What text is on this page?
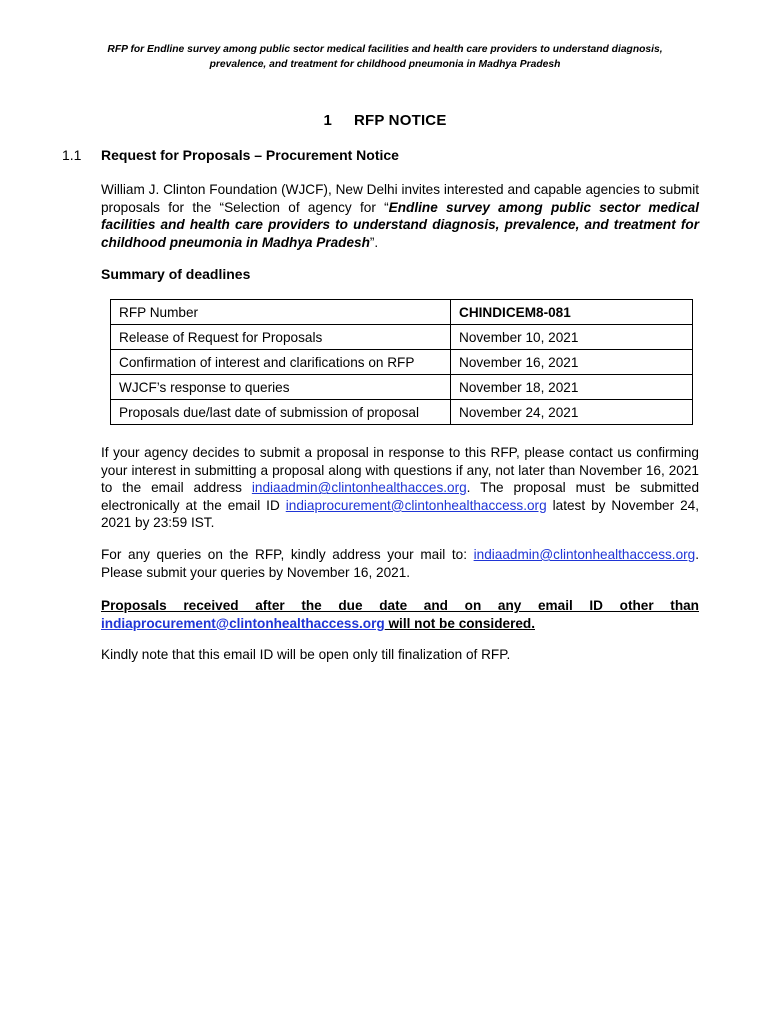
RFP for Endline survey among public sector medical facilities and health care providers to understand diagnosis,
prevalence, and treatment for childhood pneumonia in Madhya Pradesh
1 RFP NOTICE
1.1 Request for Proposals – Procurement Notice
William J. Clinton Foundation (WJCF), New Delhi invites interested and capable agencies to submit proposals for the “Selection of agency for “Endline survey among public sector medical facilities and health care providers to understand diagnosis, prevalence, and treatment for childhood pneumonia in Madhya Pradesh”.
Summary of deadlines
RFP Number	CHINDICEM8-081
Release of Request for Proposals	November 10, 2021
Confirmation of interest and clarifications on RFP	November 16, 2021
WJCF’s response to queries	November 18, 2021
Proposals due/last date of submission of proposal	November 24, 2021
If your agency decides to submit a proposal in response to this RFP, please contact us confirming your interest in submitting a proposal along with questions if any, not later than November 16, 2021 to the email address indiaadmin@clintonhealthacces.org. The proposal must be submitted electronically at the email ID indiaprocurement@clintonhealthaccess.org latest by November 24, 2021 by 23:59 IST.
For any queries on the RFP, kindly address your mail to: indiaadmin@clintonhealthaccess.org. Please submit your queries by November 16, 2021.
Proposals received after the due date and on any email ID other than indiaprocurement@clintonhealthaccess.org will not be considered.
Kindly note that this email ID will be open only till finalization of RFP.
